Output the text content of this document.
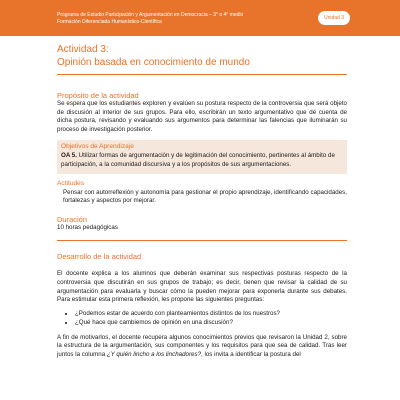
Programa de Estudio Participación y Argumentación en Democracia – 3° o 4° medio
Formación Diferenciada Humanístico-Científica
Unidad 3

Actividad 3:

Opinión basada en conocimiento de mundo

Propósito de la actividad

Se espera que los estudiantes exploren y evalúen su postura respecto de la controversia que será objeto de discusión al interior de sus grupos. Para ello, escribirán un texto argumentativo que dé cuenta de dicha postura, revisando y evaluando sus argumentos para determinar las falencias que iluminarán su proceso de investigación posterior.

Objetivos de Aprendizaje

OA 5. Utilizar formas de argumentación y de legitimación del conocimiento, pertinentes al ámbito de participación, a la comunidad discursiva y a los propósitos de sus argumentaciones.

Actitudes

Pensar con autorreflexión y autonomía para gestionar el propio aprendizaje, identificando capacidades, fortalezas y aspectos por mejorar.

Duración

10 horas pedagógicas

Desarrollo de la actividad

El docente explica a los alumnos que deberán examinar sus respectivas posturas respecto de la controversia que discutirán en sus grupos de trabajo; es decir, tienen que revisar la calidad de su argumentación para evaluarla y buscar cómo la pueden mejorar para exponerla durante sus debates. Para estimular esta primera reflexión, les propone las siguientes preguntas:

• ¿Podemos estar de acuerdo con planteamientos distintos de los nuestros?
• ¿Qué hace que cambiemos de opinión en una discusión?

A fin de motivarlos, el docente recupera algunos conocimientos previos que revisaron la Unidad 2, sobre la estructura de la argumentación, sus componentes y los requisitos para que sea de calidad. Tras leer juntos la columna ¿Y quién lincho a los linchadores?, los invita a identificar la postura del
